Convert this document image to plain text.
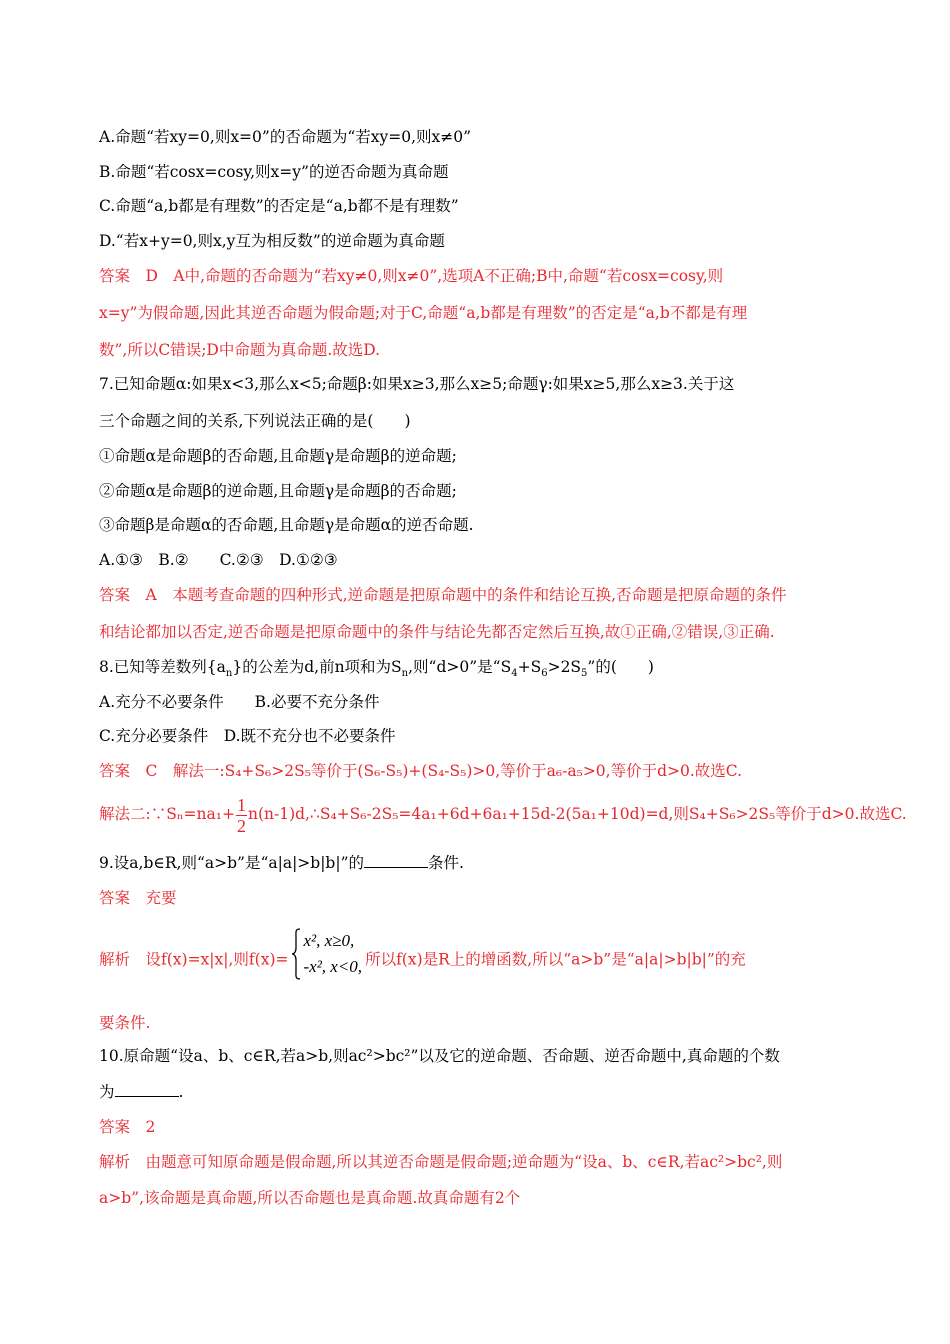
A.命题“若xy=0,则x=0”的否命题为“若xy=0,则x≠0”
B.命题“若cosx=cosy,则x=y”的逆否命题为真命题
C.命题“a,b都是有理数”的否定是“a,b都不是有理数”
D.“若x+y=0,则x,y互为相反数”的逆命题为真命题
答案　D　A中,命题的否命题为“若xy≠0,则x≠0”,选项A不正确;B中,命题“若cosx=cosy,则
x=y”为假命题,因此其逆否命题为假命题;对于C,命题“a,b都是有理数”的否定是“a,b不都是有理
数”,所以C错误;D中命题为真命题.故选D.
7.已知命题α:如果x<3,那么x<5;命题β:如果x≥3,那么x≥5;命题γ:如果x≥5,那么x≥3.关于这
三个命题之间的关系,下列说法正确的是(　　)
①命题α是命题β的否命题,且命题γ是命题β的逆命题;
②命题α是命题β的逆命题,且命题γ是命题β的否命题;
③命题β是命题α的否命题,且命题γ是命题α的逆否命题.
A.①③　B.②　　C.②③　D.①②③
答案　A　本题考查命题的四种形式,逆命题是把原命题中的条件和结论互换,否命题是把原命题的条件
和结论都加以否定,逆否命题是把原命题中的条件与结论先都否定然后互换,故①正确,②错误,③正确.
8.已知等差数列$\{a_n\}$的公差为d,前n项和为$S_n$,则“d>0”是“$S_4+S_6>2S_5$”的(　　)
A.充分不必要条件　　B.必要不充分条件
C.充分必要条件　D.既不充分也不必要条件
答案　C　解法一:S₄+S₆>2S₅等价于(S₆-S₅)+(S₄-S₅)>0,等价于a₆-a₅>0,等价于d>0.故选C.
解法二:∵Sₙ=na₁+ $\frac{1}{2}$ n(n-1)d,∴S₄+S₆-2S₅=4a₁+6d+6a₁+15d-2(5a₁+10d)=d,则S₄+S₆>2S₅等价于d>0.故选C.
9.设a,b∈R,则“a>b”是“a|a|>b|b|”的	条件.
答案　充要
解析　设f(x)=x|x|,则f(x)=
x², x≥0,
-x², x<0, 所以f(x)是R上的增函数,所以“a>b”是“a|a|>b|b|”的充
要条件.
10.原命题“设a、b、c∈R,若a>b,则ac²>bc²”以及它的逆命题、否命题、逆否命题中,真命题的个数
为	.
答案　2
解析　由题意可知原命题是假命题,所以其逆否命题是假命题;逆命题为“设a、b、c∈R,若ac²>bc²,则
a>b”,该命题是真命题,所以否命题也是真命题.故真命题有2个
